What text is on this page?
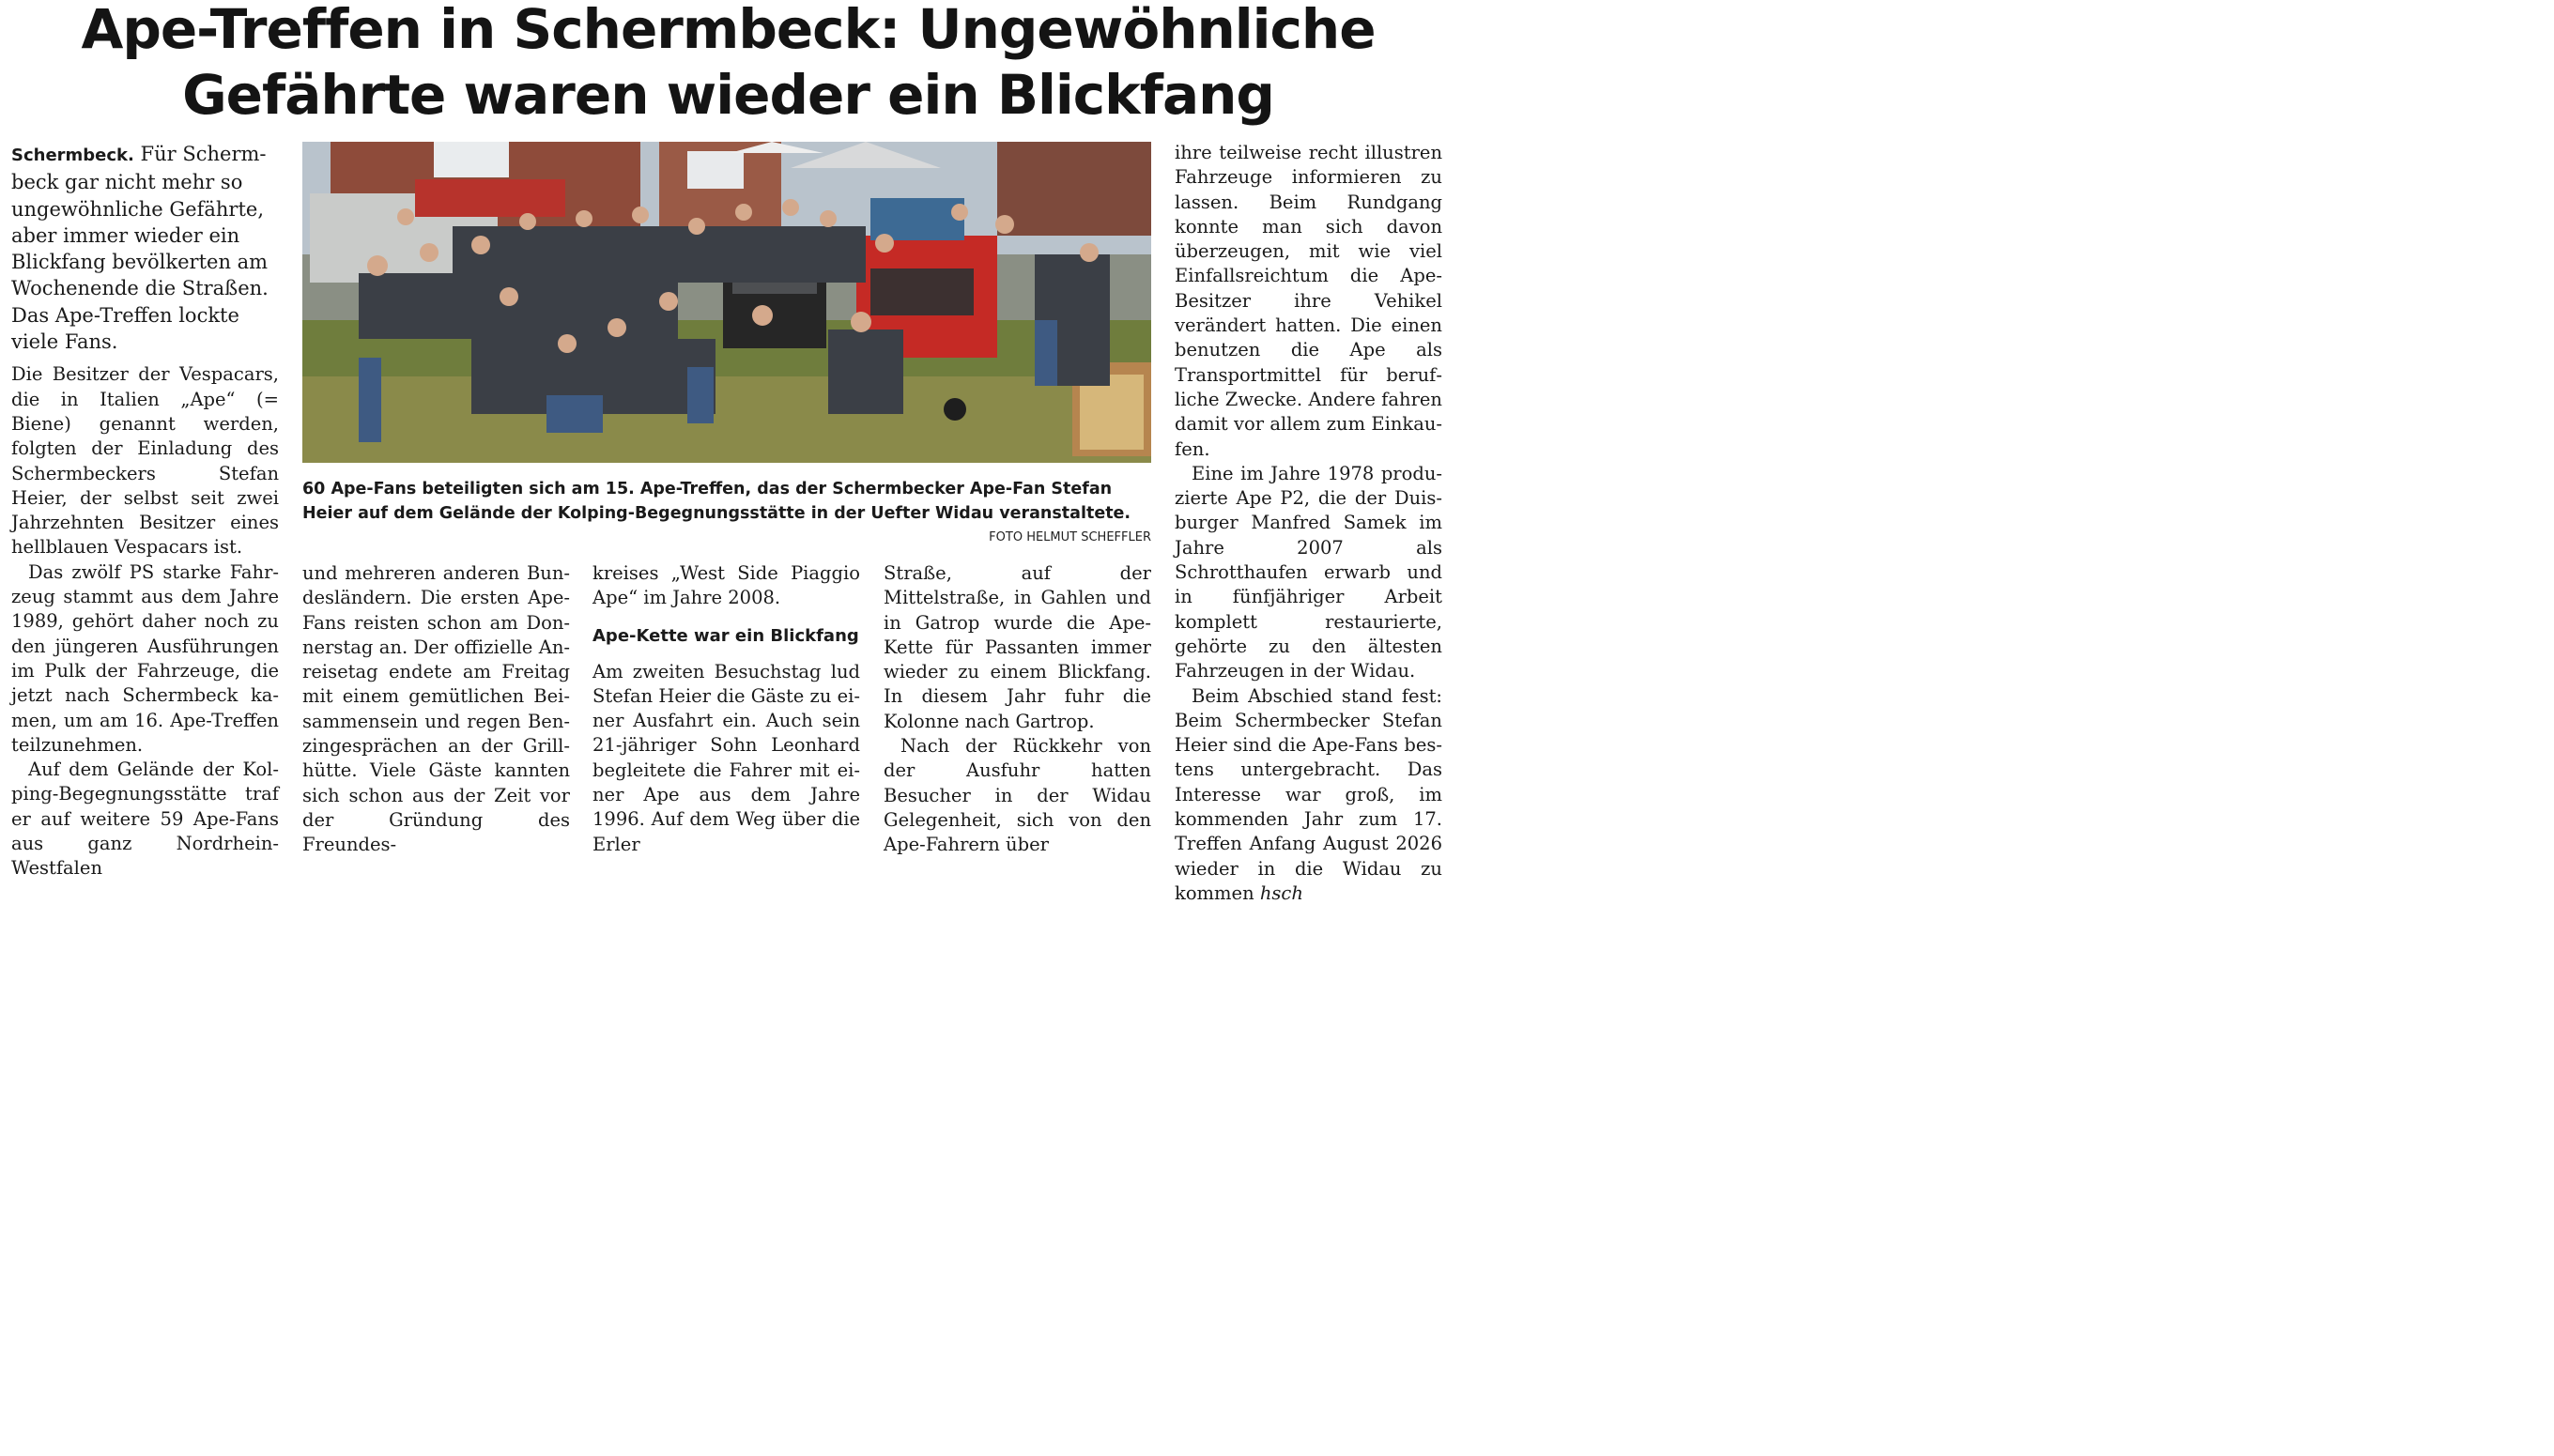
Ape-Treffen in Schermbeck: Ungewöhnliche
Gefährte waren wieder ein Blickfang

Schermbeck. Für Schermbeck gar nicht mehr so ungewöhnliche Gefährte, aber immer wieder ein Blickfang bevölkerten am Wochenende die Straßen. Das Ape-Treffen lockte viele Fans.

Die Besitzer der Vespacars, die in Italien „Ape“ (= Biene) genannt werden, folgten der Einladung des Schermbeckers Stefan Heier, der selbst seit zwei Jahrzehnten Besitzer eines hellblauen Vespacars ist.

Das zwölf PS starke Fahrzeug stammt aus dem Jahre 1989, gehört daher noch zu den jüngeren Ausführungen im Pulk der Fahrzeuge, die jetzt nach Schermbeck kamen, um am 16. Ape-Treffen teilzunehmen.

Auf dem Gelände der Kolping-Begegnungsstätte traf er auf weitere 59 Ape-Fans aus ganz Nordrhein-Westfalen

60 Ape-Fans beteiligten sich am 15. Ape-Treffen, das der Schermbecker Ape-Fan Stefan Heier auf dem Gelände der Kolping-Begegnungsstätte in der Uefter Widau veranstaltete.
FOTO HELMUT SCHEFFLER

und mehreren anderen Bundesländern. Die ersten Ape-Fans reisten schon am Donnerstag an. Der offizielle Anreisetag endete am Freitag mit einem gemütlichen Beisammensein und regen Benzingesprächen an der Grillhütte. Viele Gäste kannten sich schon aus der Zeit vor der Gründung des Freundes-

kreises „West Side Piaggio Ape“ im Jahre 2008.

Ape-Kette war ein Blickfang

Am zweiten Besuchstag lud Stefan Heier die Gäste zu einer Ausfahrt ein. Auch sein 21-jähriger Sohn Leonhard begleitete die Fahrer mit einer Ape aus dem Jahre 1996. Auf dem Weg über die Erler

Straße, auf der Mittelstraße, in Gahlen und in Gatrop wurde die Ape-Kette für Passanten immer wieder zu einem Blickfang. In diesem Jahr fuhr die Kolonne nach Gartrop.

Nach der Rückkehr von der Ausfuhr hatten Besucher in der Widau Gelegenheit, sich von den Ape-Fahrern über

ihre teilweise recht illustren Fahrzeuge informieren zu lassen. Beim Rundgang konnte man sich davon überzeugen, mit wie viel Einfallsreichtum die Ape-Besitzer ihre Vehikel verändert hatten. Die einen benutzen die Ape als Transportmittel für berufliche Zwecke. Andere fahren damit vor allem zum Einkaufen.

Eine im Jahre 1978 produzierte Ape P2, die der Duisburger Manfred Samek im Jahre 2007 als Schrotthaufen erwarb und in fünfjähriger Arbeit komplett restaurierte, gehörte zu den ältesten Fahrzeugen in der Widau.

Beim Abschied stand fest: Beim Schermbecker Stefan Heier sind die Ape-Fans bestens untergebracht. Das Interesse war groß, im kommenden Jahr zum 17. Treffen Anfang August 2026 wieder in die Widau zu kommen hsch
